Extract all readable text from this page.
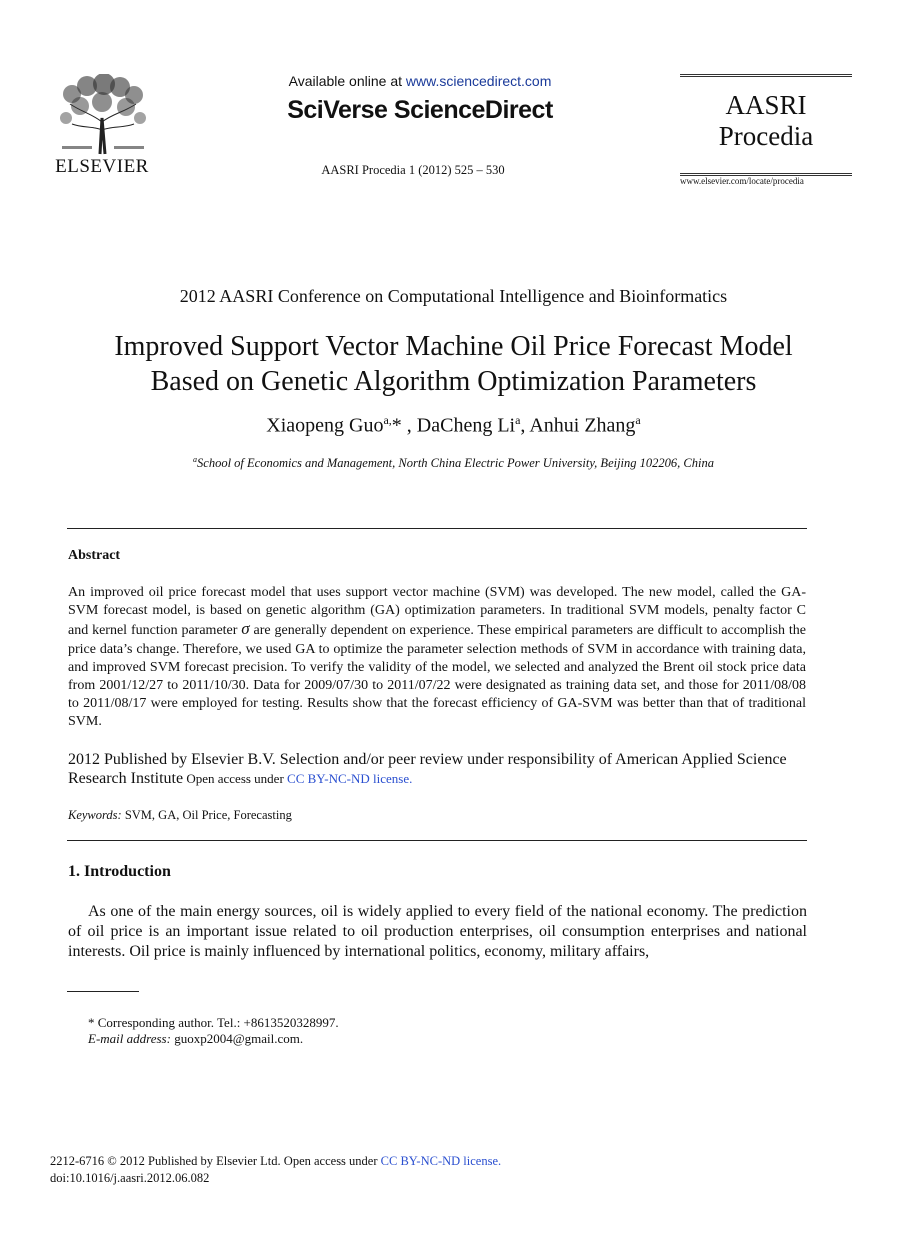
ELSEVIER
Available online at www.sciencedirect.com
SciVerse ScienceDirect
AASRI Procedia 1 (2012) 525 – 530
AASRI
Procedia
www.elsevier.com/locate/procedia
2012 AASRI Conference on Computational Intelligence and Bioinformatics
Improved Support Vector Machine Oil Price Forecast Model
Based on Genetic Algorithm Optimization Parameters
Xiaopeng Guo$^{a,}$* , DaCheng Li$^a$, Anhui Zhang$^a$
$^a$School of Economics and Management, North China Electric Power University, Beijing 102206, China
Abstract
An improved oil price forecast model that uses support vector machine (SVM) was developed. The new model, called the GA-SVM forecast model, is based on genetic algorithm (GA) optimization parameters. In traditional SVM models, penalty factor C and kernel function parameter σ are generally dependent on experience. These empirical parameters are difficult to accomplish the price data’s change. Therefore, we used GA to optimize the parameter selection methods of SVM in accordance with training data, and improved SVM forecast precision. To verify the validity of the model, we selected and analyzed the Brent oil stock price data from 2001/12/27 to 2011/10/30. Data for 2009/07/30 to 2011/07/22 were designated as training data set, and those for 2011/08/08 to 2011/08/17 were employed for testing. Results show that the forecast efficiency of GA-SVM was better than that of traditional SVM.
2012 Published by Elsevier B.V. Selection and/or peer review under responsibility of American Applied Science Research Institute Open access under CC BY-NC-ND license.
Keywords: SVM, GA, Oil Price, Forecasting
1. Introduction
As one of the main energy sources, oil is widely applied to every field of the national economy. The prediction of oil price is an important issue related to oil production enterprises, oil consumption enterprises and national interests. Oil price is mainly influenced by international politics, economy, military affairs,
* Corresponding author. Tel.: +8613520328997.
E-mail address: guoxp2004@gmail.com.
2212-6716 © 2012 Published by Elsevier Ltd. Open access under CC BY-NC-ND license.
doi:10.1016/j.aasri.2012.06.082
